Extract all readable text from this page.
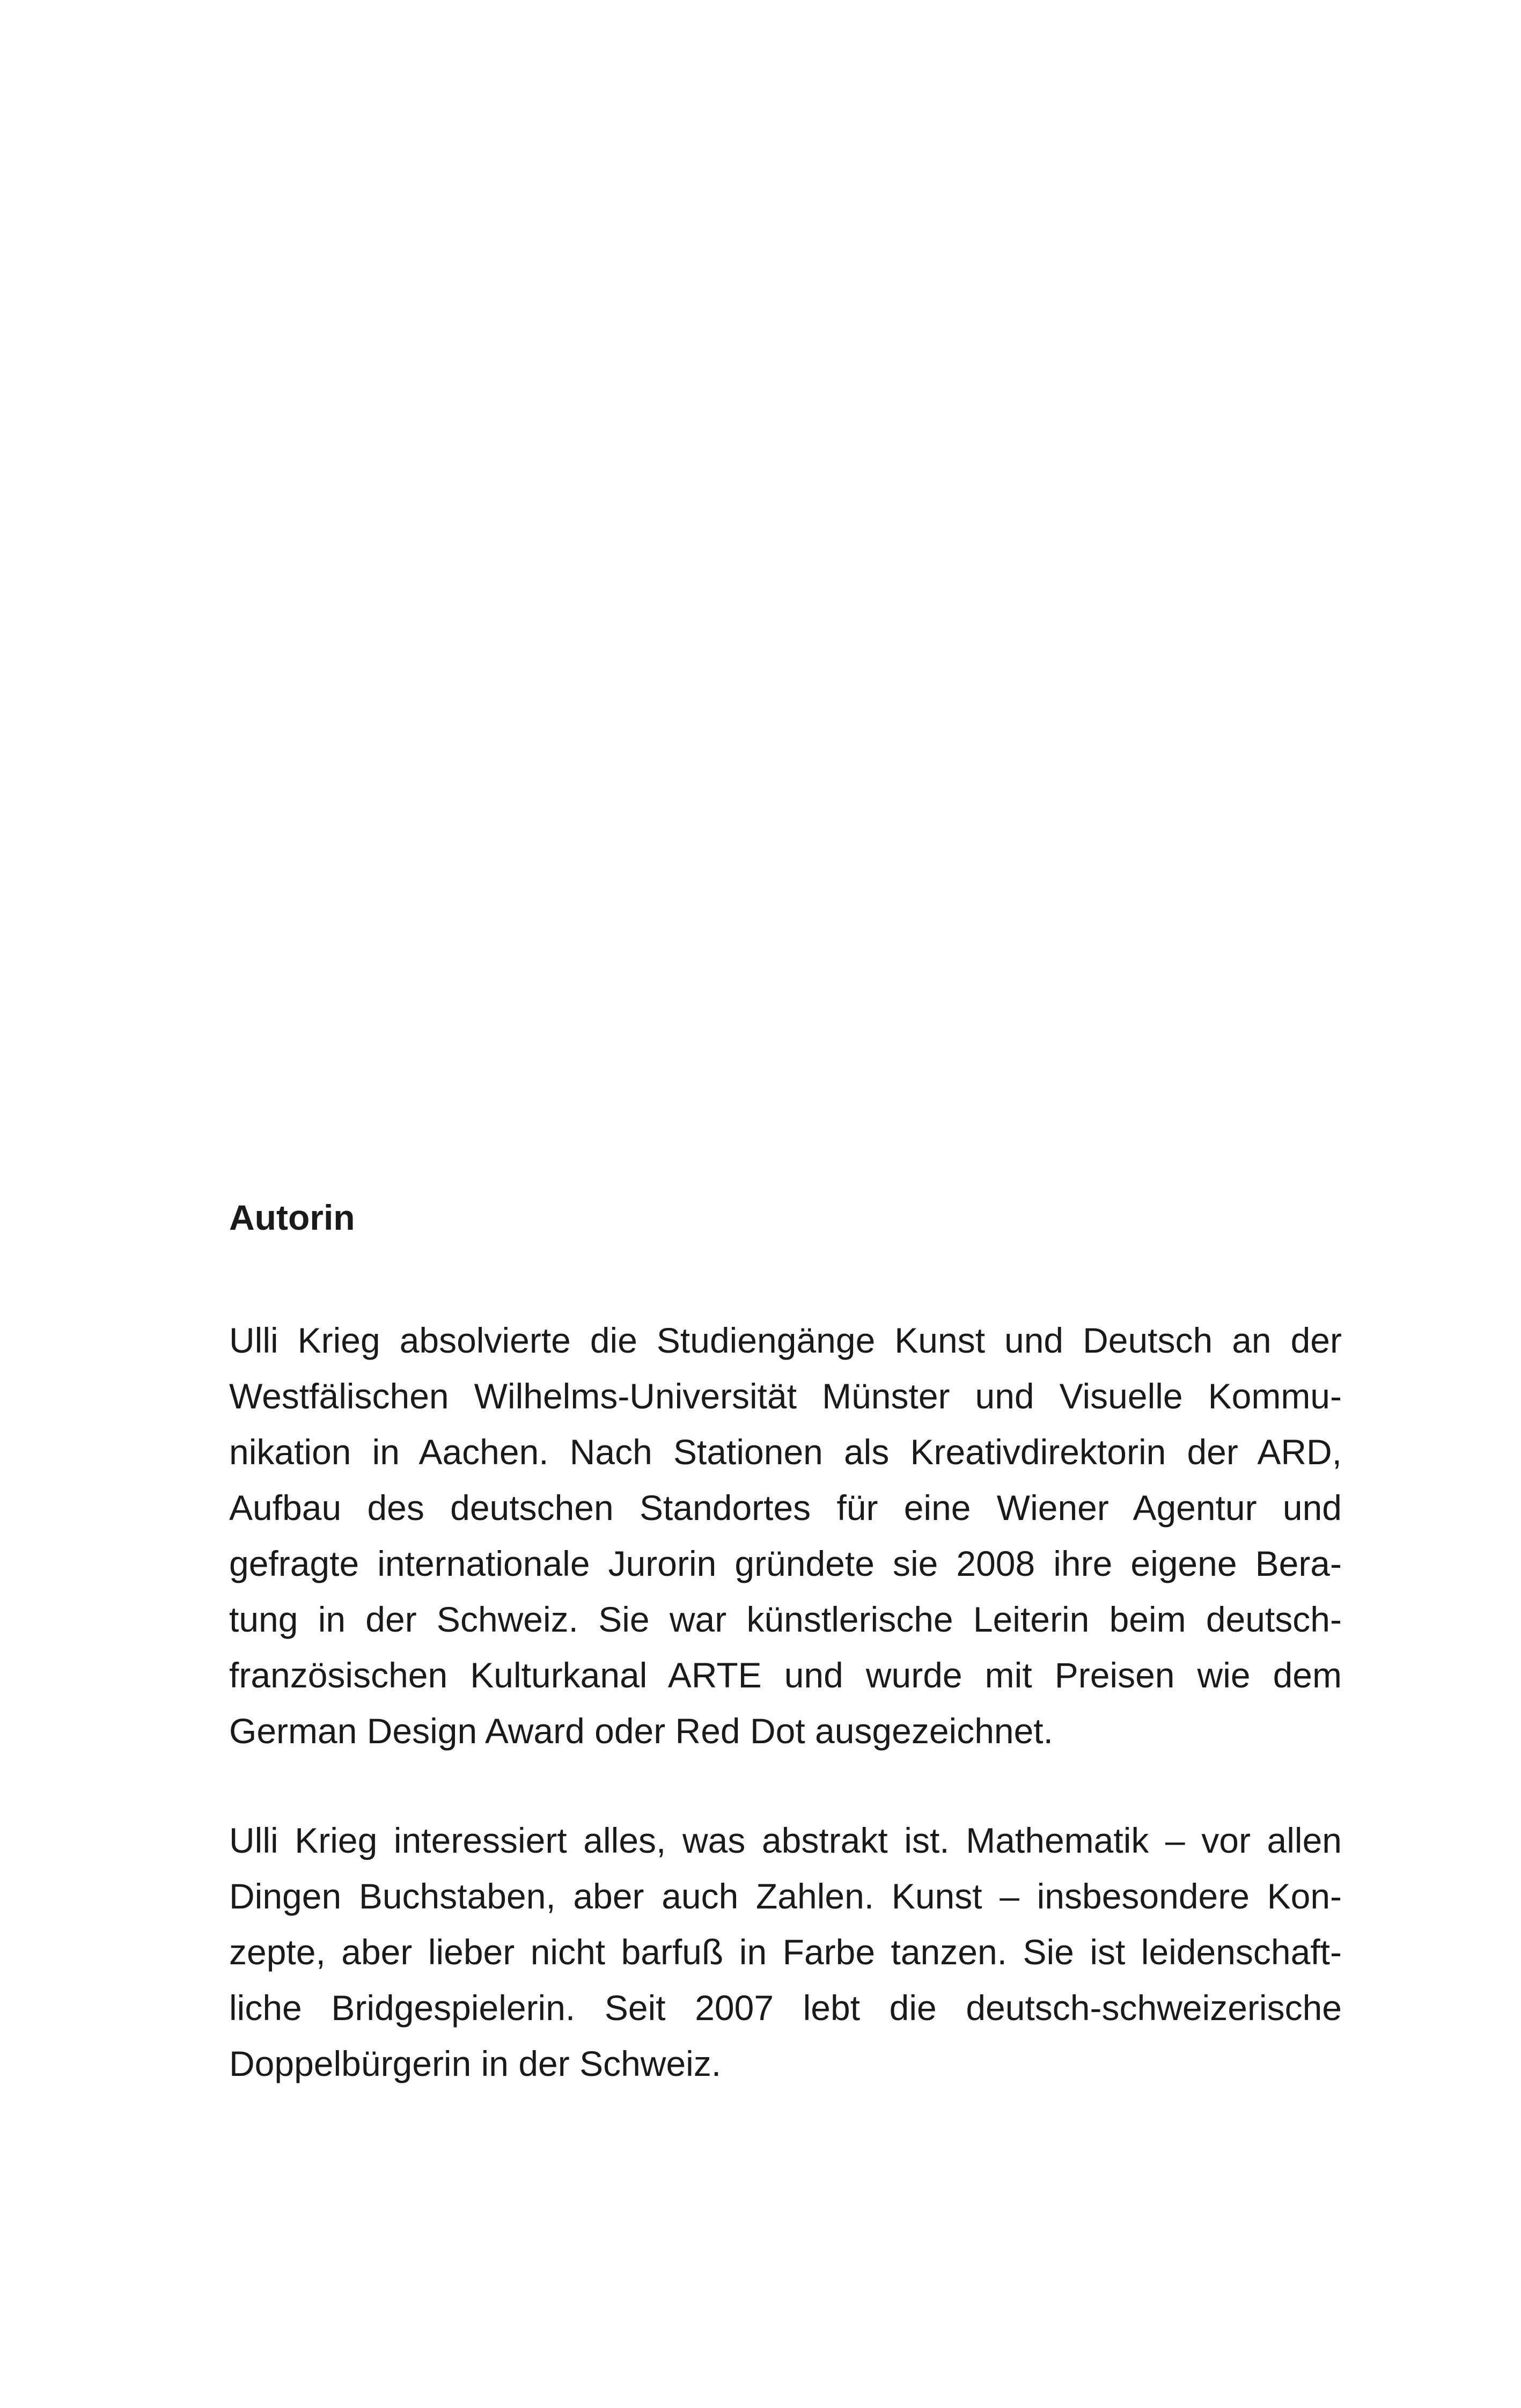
Autorin

Ulli Krieg absolvierte die Studiengänge Kunst und Deutsch an der
Westfälischen Wilhelms-Universität Münster und Visuelle Kommu-
nikation in Aachen. Nach Stationen als Kreativdirektorin der ARD,
Aufbau des deutschen Standortes für eine Wiener Agentur und
gefragte internationale Jurorin gründete sie 2008 ihre eigene Bera-
tung in der Schweiz. Sie war künstlerische Leiterin beim deutsch-
französischen Kulturkanal ARTE und wurde mit Preisen wie dem
German Design Award oder Red Dot ausgezeichnet.

Ulli Krieg interessiert alles, was abstrakt ist. Mathematik – vor allen
Dingen Buchstaben, aber auch Zahlen. Kunst – insbesondere Kon-
zepte, aber lieber nicht barfuß in Farbe tanzen. Sie ist leidenschaft-
liche Bridgespielerin. Seit 2007 lebt die deutsch-schweizerische
Doppelbürgerin in der Schweiz.
